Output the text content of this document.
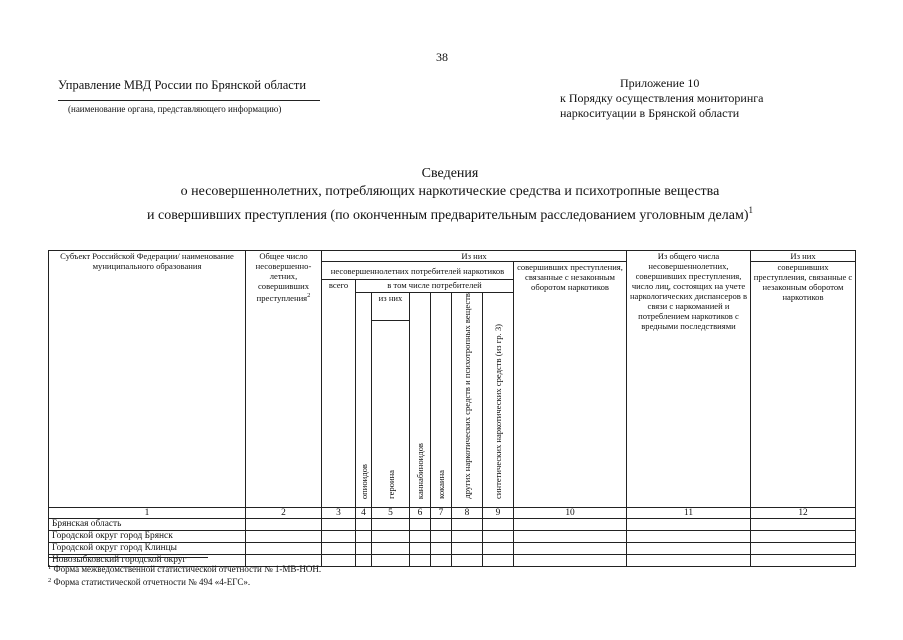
38
Управление МВД России по Брянской области
(наименование органа, представляющего информацию)
Приложение 10
к Порядку осуществления мониторинга
наркоситуации в Брянской области
Сведения
о несовершеннолетних, потребляющих наркотические средства и психотропные вещества
и совершивших преступления (по оконченным предварительным расследованием уголовным делам)$^1$
Субъект Российской Федерации/ наименование муниципального образования	Общее число несовершенно-летних, совершивших преступления$^2$	Из них								Из общего числа несовершеннолетних, совершивших преступления, число лиц, состоящих на учете наркологических диспансеров в связи с наркоманией и потреблением наркотиков с вредными последствиями	Из них
		несовершеннолетних потребителей наркотиков							совершивших преступления, связанные с незаконным оборотом наркотиков		совершивших преступления, связанные с незаконным оборотом наркотиков
		всего	в том числе потребителей								
			опиоидов	из них	каннабиноидов	кокаина	других наркотических средств и психотропных веществ	синтетических наркотических средств (из гр. 3)			
				героина							
1	2	3	4	5	6	7	8	9	10	11	12
Брянская область											
Городской округ город Брянск											
Городской округ город Клинцы											
Новозыбковский городской округ											
$^1$ Форма межведомственной статистической отчетности № 1-МВ-НОН.
$^2$ Форма статистической отчетности № 494 «4-ЕГС».
